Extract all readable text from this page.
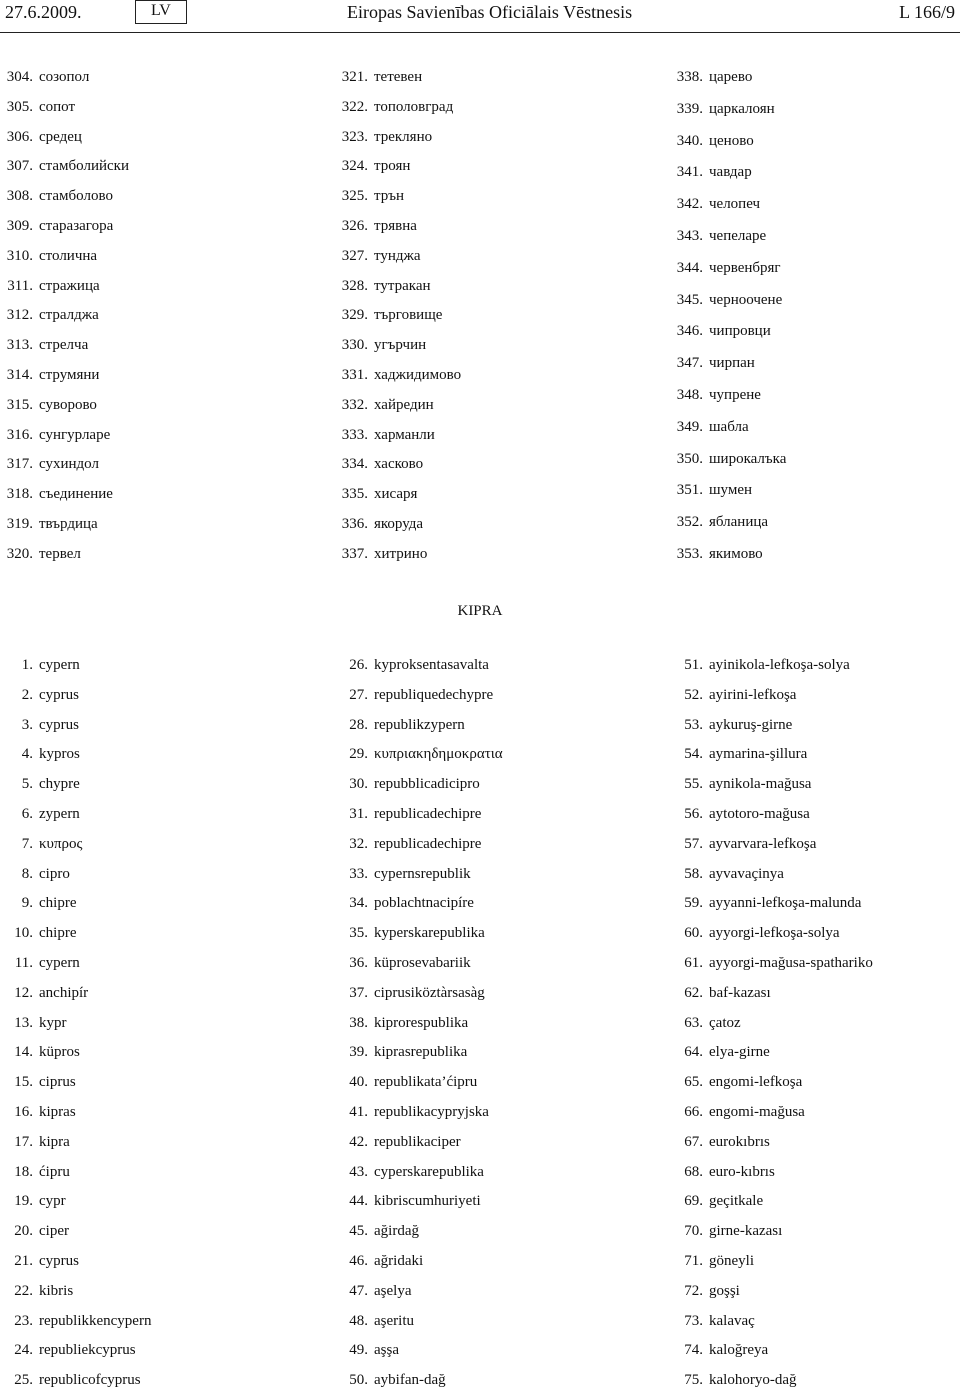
27.6.2009.	LV	Eiropas Savienības Oficiālais Vēstnesis	L 166/9
304. созопол
305. сопот
306. средец
307. стамболийски
308. стамболово
309. старазагора
310. столична
311. стражица
312. стралджа
313. стрелча
314. струмяни
315. суворово
316. сунгурларе
317. сухиндол
318. съединение
319. твърдица
320. тервел
321. тетевен
322. тополовград
323. трекляно
324. троян
325. трън
326. трявна
327. тунджа
328. тутракан
329. търговище
330. угърчин
331. хаджидимово
332. хайредин
333. харманли
334. хасково
335. хисаря
336. якоруда
337. хитрино
338. царево
339. царкалоян
340. ценово
341. чавдар
342. челопеч
343. чепеларе
344. червенбряг
345. черноочене
346. чипровци
347. чирпан
348. чупрене
349. шабла
350. широкалъка
351. шумен
352. ябланица
353. якимово
KIPRA
1. cypern
2. cyprus
3. cyprus
4. kypros
5. chypre
6. zypern
7. κυπρος
8. cipro
9. chipre
10. chipre
11. cypern
12. anchipír
13. kypr
14. küpros
15. ciprus
16. kipras
17. kipra
18. ćipru
19. cypr
20. ciper
21. cyprus
22. kibris
23. republikkencypern
24. republiekcyprus
25. republicofcyprus
26. kyproksentasavalta
27. republiquedechypre
28. republikzypern
29. κυπριακηδημοκρατια
30. repubblicadicipro
31. republicadechipre
32. republicadechipre
33. cypernsrepublik
34. poblachtnacipíre
35. kyperskarepublika
36. küprosevabariik
37. ciprusiköztàrsasàg
38. kiprorespublika
39. kiprasrepublika
40. republikata’ćipru
41. republikacypryjska
42. republikaciper
43. cyperskarepublika
44. kibriscumhuriyeti
45. ağirdağ
46. ağridaki
47. aşelya
48. aşeritu
49. aşşa
50. aybifan-dağ
51. ayinikola-lefkoşa-solya
52. ayirini-lefkoşa
53. aykuruş-girne
54. aymarina-şillura
55. aynikola-mağusa
56. aytotoro-mağusa
57. ayvarvara-lefkoşa
58. ayvavaçinya
59. ayyanni-lefkoşa-malunda
60. ayyorgi-lefkoşa-solya
61. ayyorgi-mağusa-spathariko
62. baf-kazası
63. çatoz
64. elya-girne
65. engomi-lefkoşa
66. engomi-mağusa
67. eurokıbrıs
68. euro-kıbrıs
69. geçitkale
70. girne-kazası
71. göneyli
72. goşşi
73. kalavaç
74. kaloğreya
75. kalohoryo-dağ
